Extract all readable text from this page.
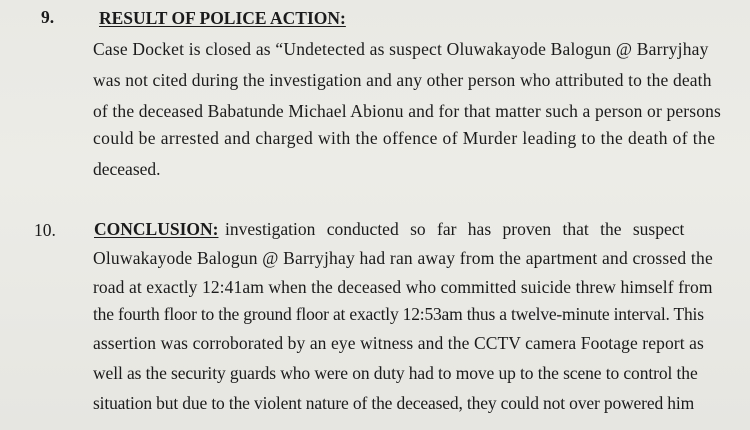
9.	RESULT OF POLICE ACTION:
Case Docket is closed as “Undetected as suspect Oluwakayode Balogun @ Barryjhay
was not cited during the investigation and any other person who attributed to the death
of the deceased Babatunde Michael Abionu and for that matter such a person or persons
could be arrested and charged with the offence of Murder leading to the death of the
deceased.
10. CONCLUSION: investigation conducted so far has proven that the suspect
Oluwakayode Balogun @ Barryjhay had ran away from the apartment and crossed the
road at exactly 12:41am when the deceased who committed suicide threw himself from
the fourth floor to the ground floor at exactly 12:53am thus a twelve-minute interval. This
assertion was corroborated by an eye witness and the CCTV camera Footage report as
well as the security guards who were on duty had to move up to the scene to control the
situation but due to the violent nature of the deceased, they could not over powered him
